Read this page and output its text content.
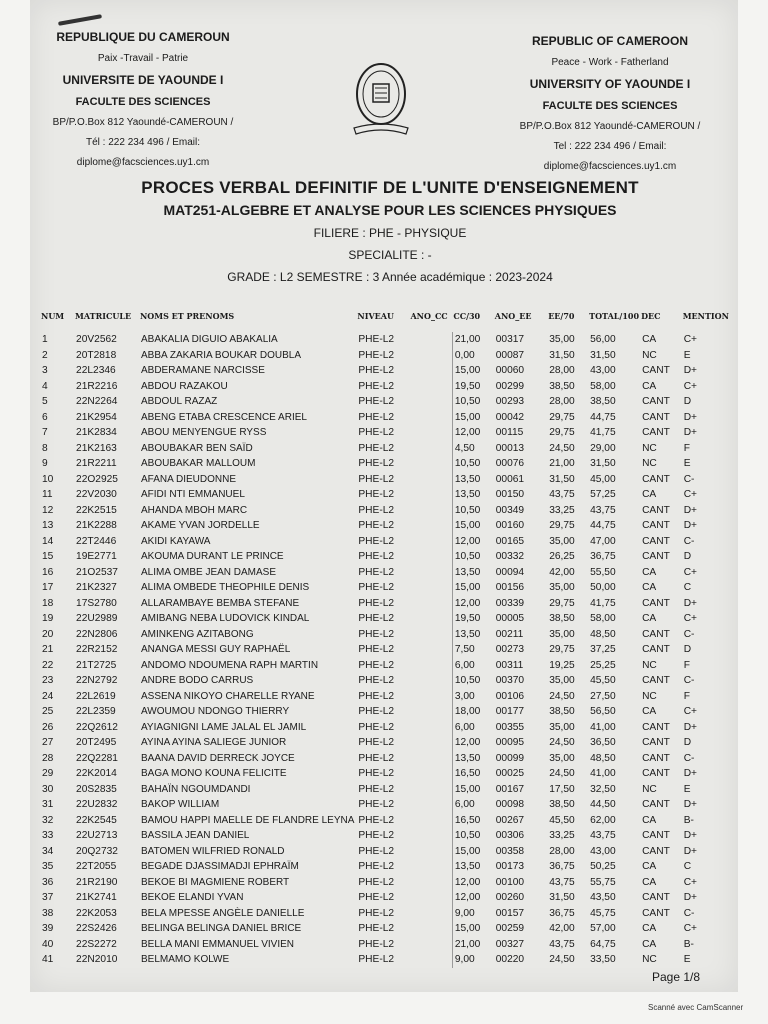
REPUBLIQUE DU CAMEROUN
Paix -Travail - Patrie
UNIVERSITE DE YAOUNDE I
FACULTE DES SCIENCES
BP/P.O.Box 812 Yaoundé-CAMEROUN /
Tél : 222 234 496 / Email:
diplome@facsciences.uy1.cm
REPUBLIC OF CAMEROON
Peace - Work - Fatherland
UNIVERSITY OF YAOUNDE I
FACULTE DES SCIENCES
BP/P.O.Box 812 Yaoundé-CAMEROUN /
Tel : 222 234 496 / Email:
diplome@facsciences.uy1.cm
PROCES VERBAL DEFINITIF DE L'UNITE D'ENSEIGNEMENT
MAT251-ALGEBRE ET ANALYSE POUR LES SCIENCES PHYSIQUES
FILIERE : PHE - PHYSIQUE
SPECIALITE : -
GRADE : L2 SEMESTRE : 3 Année académique : 2023-2024
NUM	MATRICULE	NOMS ET PRENOMS	NIVEAU	ANO_CC	CC/30	ANO_EE	EE/70	TOTAL/100	DEC	MENTION
1	20V2562	ABAKALIA DIGUIO ABAKALIA	PHE-L2		21,00	00317	35,00	56,00	CA	C+
2	20T2818	ABBA ZAKARIA BOUKAR DOUBLA	PHE-L2		0,00	00087	31,50	31,50	NC	E
3	22L2346	ABDERAMANE NARCISSE	PHE-L2		15,00	00060	28,00	43,00	CANT	D+
4	21R2216	ABDOU RAZAKOU	PHE-L2		19,50	00299	38,50	58,00	CA	C+
5	22N2264	ABDOUL RAZAZ	PHE-L2		10,50	00293	28,00	38,50	CANT	D
6	21K2954	ABENG ETABA CRESCENCE ARIEL	PHE-L2		15,00	00042	29,75	44,75	CANT	D+
7	21K2834	ABOU MENYENGUE RYSS	PHE-L2		12,00	00115	29,75	41,75	CANT	D+
8	21K2163	ABOUBAKAR BEN SAÏD	PHE-L2		4,50	00013	24,50	29,00	NC	F
9	21R2211	ABOUBAKAR MALLOUM	PHE-L2		10,50	00076	21,00	31,50	NC	E
10	22O2925	AFANA DIEUDONNE	PHE-L2		13,50	00061	31,50	45,00	CANT	C-
11	22V2030	AFIDI NTI EMMANUEL	PHE-L2		13,50	00150	43,75	57,25	CA	C+
12	22K2515	AHANDA MBOH MARC	PHE-L2		10,50	00349	33,25	43,75	CANT	D+
13	21K2288	AKAME YVAN JORDELLE	PHE-L2		15,00	00160	29,75	44,75	CANT	D+
14	22T2446	AKIDI KAYAWA	PHE-L2		12,00	00165	35,00	47,00	CANT	C-
15	19E2771	AKOUMA DURANT LE PRINCE	PHE-L2		10,50	00332	26,25	36,75	CANT	D
16	21O2537	ALIMA OMBE JEAN DAMASE	PHE-L2		13,50	00094	42,00	55,50	CA	C+
17	21K2327	ALIMA OMBEDE THEOPHILE DENIS	PHE-L2		15,00	00156	35,00	50,00	CA	C
18	17S2780	ALLARAMBAYE BEMBA STEFANE	PHE-L2		12,00	00339	29,75	41,75	CANT	D+
19	22U2989	AMIBANG NEBA LUDOVICK KINDAL	PHE-L2		19,50	00005	38,50	58,00	CA	C+
20	22N2806	AMINKENG AZITABONG	PHE-L2		13,50	00211	35,00	48,50	CANT	C-
21	22R2152	ANANGA MESSI GUY RAPHAËL	PHE-L2		7,50	00273	29,75	37,25	CANT	D
22	21T2725	ANDOMO NDOUMENA RAPH MARTIN	PHE-L2		6,00	00311	19,25	25,25	NC	F
23	22N2792	ANDRE BODO CARRUS	PHE-L2		10,50	00370	35,00	45,50	CANT	C-
24	22L2619	ASSENA NIKOYO CHARELLE RYANE	PHE-L2		3,00	00106	24,50	27,50	NC	F
25	22L2359	AWOUMOU NDONGO THIERRY	PHE-L2		18,00	00177	38,50	56,50	CA	C+
26	22Q2612	AYIAGNIGNI LAME JALAL EL JAMIL	PHE-L2		6,00	00355	35,00	41,00	CANT	D+
27	20T2495	AYINA AYINA SALIEGE JUNIOR	PHE-L2		12,00	00095	24,50	36,50	CANT	D
28	22Q2281	BAANA DAVID DERRECK JOYCE	PHE-L2		13,50	00099	35,00	48,50	CANT	C-
29	22K2014	BAGA MONO KOUNA FELICITE	PHE-L2		16,50	00025	24,50	41,00	CANT	D+
30	20S2835	BAHAÏN NGOUMDANDI	PHE-L2		15,00	00167	17,50	32,50	NC	E
31	22U2832	BAKOP WILLIAM	PHE-L2		6,00	00098	38,50	44,50	CANT	D+
32	22K2545	BAMOU HAPPI MAELLE DE FLANDRE LEYNA	PHE-L2		16,50	00267	45,50	62,00	CA	B-
33	22U2713	BASSILA JEAN DANIEL	PHE-L2		10,50	00306	33,25	43,75	CANT	D+
34	20Q2732	BATOMEN WILFRIED RONALD	PHE-L2		15,00	00358	28,00	43,00	CANT	D+
35	22T2055	BEGADE DJASSIMADJI EPHRAÏM	PHE-L2		13,50	00173	36,75	50,25	CA	C
36	21R2190	BEKOE BI MAGMIENE ROBERT	PHE-L2		12,00	00100	43,75	55,75	CA	C+
37	21K2741	BEKOE ELANDI YVAN	PHE-L2		12,00	00260	31,50	43,50	CANT	D+
38	22K2053	BELA MPESSE ANGÈLE DANIELLE	PHE-L2		9,00	00157	36,75	45,75	CANT	C-
39	22S2426	BELINGA BELINGA DANIEL BRICE	PHE-L2		15,00	00259	42,00	57,00	CA	C+
40	22S2272	BELLA MANI EMMANUEL VIVIEN	PHE-L2		21,00	00327	43,75	64,75	CA	B-
41	22N2010	BELMAMO KOLWE	PHE-L2		9,00	00220	24,50	33,50	NC	E
Page 1/8
Scanné avec CamScanner
